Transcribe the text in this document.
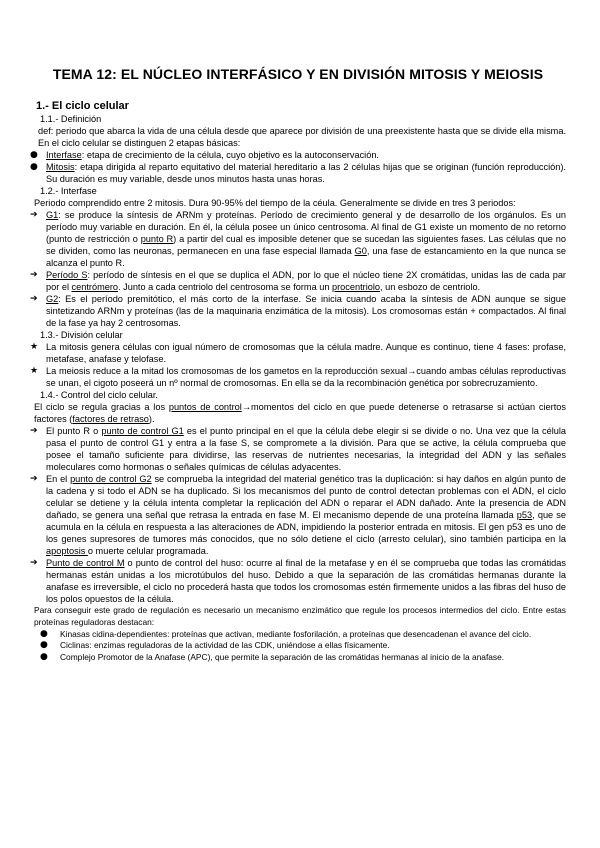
TEMA 12: EL NÚCLEO INTERFÁSICO Y EN DIVISIÓN MITOSIS Y MEIOSIS
1.- El ciclo celular

1.1.- Definición

def: periodo que abarca la vida de una célula desde que aparece por división de una preexistente hasta que se divide ella misma. En el ciclo celular se distinguen 2 etapas básicas:

● Interfase: etapa de crecimiento de la célula, cuyo objetivo es la autoconservación.

● Mitosis: etapa dirigida al reparto equitativo del material hereditario a las 2 células hijas que se originan (función reproducción). Su duración es muy variable, desde unos minutos hasta unas horas.

1.2.- Interfase

Periodo comprendido entre 2 mitosis. Dura 90-95% del tiempo de la céula. Generalmente se divide en tres 3 periodos:

➔ G1: se produce la síntesis de ARNm y proteínas. Período de crecimiento general y de desarrollo de los orgánulos. Es un período muy variable en duración. En él, la célula posee un único centrosoma. Al final de G1 existe un momento de no retorno (punto de restricción o punto R) a partir del cual es imposible detener que se sucedan las siguientes fases. Las células que no se dividen, como las neuronas, permanecen en una fase especial llamada G0, una fase de estancamiento en la que nunca se alcanza el punto R.

➔ Período S: período de síntesis en el que se duplica el ADN, por lo que el núcleo tiene 2X cromátidas, unidas las de cada par por el centrómero. Junto a cada centriolo del centrosoma se forma un procentriolo, un esbozo de centriolo.

➔ G2: Es el período premitótico, el más corto de la interfase. Se inicia cuando acaba la síntesis de ADN aunque se sigue sintetizando ARNm y proteínas (las de la maquinaria enzimática de la mitosis). Los cromosomas están + compactados. Al final de la fase ya hay 2 centrosomas.

1.3.- División celular

★ La mitosis genera células con igual número de cromosomas que la célula madre. Aunque es continuo, tiene 4 fases: profase, metafase, anafase y telofase.

★ La meiosis reduce a la mitad los cromosomas de los gametos en la reproducción sexual→cuando ambas células reproductivas se unan, el cigoto poseerá un nº normal de cromosomas. En ella se da la recombinación genética por sobrecruzamiento.

1.4.- Control del ciclo celular.

El ciclo se regula gracias a los puntos de control→momentos del ciclo en que puede detenerse o retrasarse si actúan ciertos factores (factores de retraso).

➔ El punto R o punto de control G1 es el punto principal en el que la célula debe elegir si se divide o no. Una vez que la célula pasa el punto de control G1 y entra a la fase S, se compromete a la división. Para que se active, la célula comprueba que posee el tamaño suficiente para dividirse, las reservas de nutrientes necesarias, la integridad del ADN y las señales moleculares como hormonas o señales químicas de células adyacentes.

➔ En el punto de control G2 se comprueba la integridad del material genético tras la duplicación: si hay daños en algún punto de la cadena y si todo el ADN se ha duplicado. Si los mecanismos del punto de control detectan problemas con el ADN, el ciclo celular se detiene y la célula intenta completar la replicación del ADN o reparar el ADN dañado. Ante la presencia de ADN dañado, se genera una señal que retrasa la entrada en fase M. El mecanismo depende de una proteína llamada p53, que se acumula en la célula en respuesta a las alteraciones de ADN, impidiendo la posterior entrada en mitosis. El gen p53 es uno de los genes supresores de tumores más conocidos, que no sólo detiene el ciclo (arresto celular), sino también participa en la apoptosis o muerte celular programada.

➔ Punto de control M o punto de control del huso: ocurre al final de la metafase y en él se comprueba que todas las cromátidas hermanas están unidas a los microtúbulos del huso. Debido a que la separación de las cromátidas hermanas durante la anafase es irreversible, el ciclo no procederá hasta que todos los cromosomas estén firmemente unidos a las fibras del huso de los polos opuestos de la célula.

Para conseguir este grado de regulación es necesario un mecanismo enzimático que regule los procesos intermedios del ciclo. Entre estas proteínas reguladoras destacan:

●	Kinasas cidina-dependientes: proteínas que activan, mediante fosforilación, a proteínas que desencadenan el avance del ciclo.

●	Ciclinas: enzimas reguladoras de la actividad de las CDK, uniéndose a ellas físicamente.

●	Complejo Promotor de la Anafase (APC), que permite la separación de las cromátidas hermanas al inicio de la anafase.
